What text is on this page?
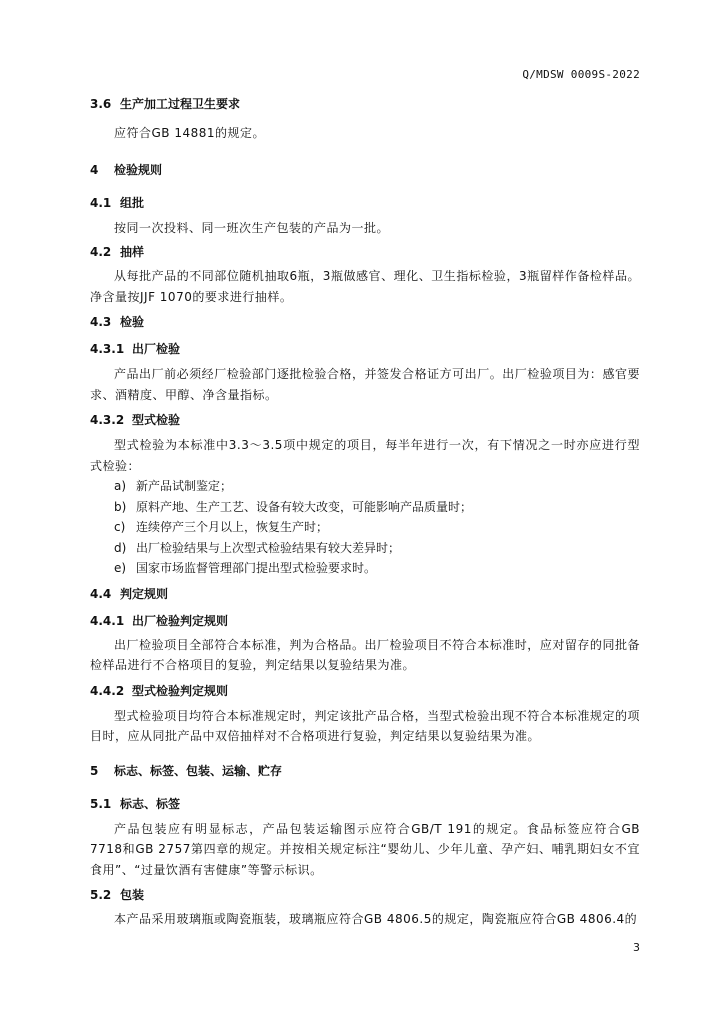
Q/MDSW 0009S-2022
3.6 生产加工过程卫生要求
应符合GB 14881的规定。
4	检验规则
4.1 组批
按同一次投料、同一班次生产包装的产品为一批。
4.2 抽样
从每批产品的不同部位随机抽取6瓶，3瓶做感官、理化、卫生指标检验，3瓶留样作备检样品。净含量按JJF 1070的要求进行抽样。
4.3 检验
4.3.1 出厂检验
产品出厂前必须经厂检验部门逐批检验合格，并签发合格证方可出厂。出厂检验项目为：感官要求、酒精度、甲醇、净含量指标。
4.3.2 型式检验
型式检验为本标准中3.3～3.5项中规定的项目，每半年进行一次，有下情况之一时亦应进行型式检验：
a) 新产品试制鉴定；
b) 原料产地、生产工艺、设备有较大改变，可能影响产品质量时；
c) 连续停产三个月以上，恢复生产时；
d) 出厂检验结果与上次型式检验结果有较大差异时；
e) 国家市场监督管理部门提出型式检验要求时。
4.4 判定规则
4.4.1 出厂检验判定规则
出厂检验项目全部符合本标准，判为合格品。出厂检验项目不符合本标准时，应对留存的同批备检样品进行不合格项目的复验，判定结果以复验结果为准。
4.4.2 型式检验判定规则
型式检验项目均符合本标准规定时，判定该批产品合格，当型式检验出现不符合本标准规定的项目时，应从同批产品中双倍抽样对不合格项进行复验，判定结果以复验结果为准。
5	标志、标签、包装、运输、贮存
5.1 标志、标签
产品包装应有明显标志，产品包装运输图示应符合GB/T 191的规定。食品标签应符合GB 7718和GB 2757第四章的规定。并按相关规定标注“婴幼儿、少年儿童、孕产妇、哺乳期妇女不宜食用”、“过量饮酒有害健康”等警示标识。
5.2 包装
本产品采用玻璃瓶或陶瓷瓶装，玻璃瓶应符合GB 4806.5的规定，陶瓷瓶应符合GB 4806.4的
3
